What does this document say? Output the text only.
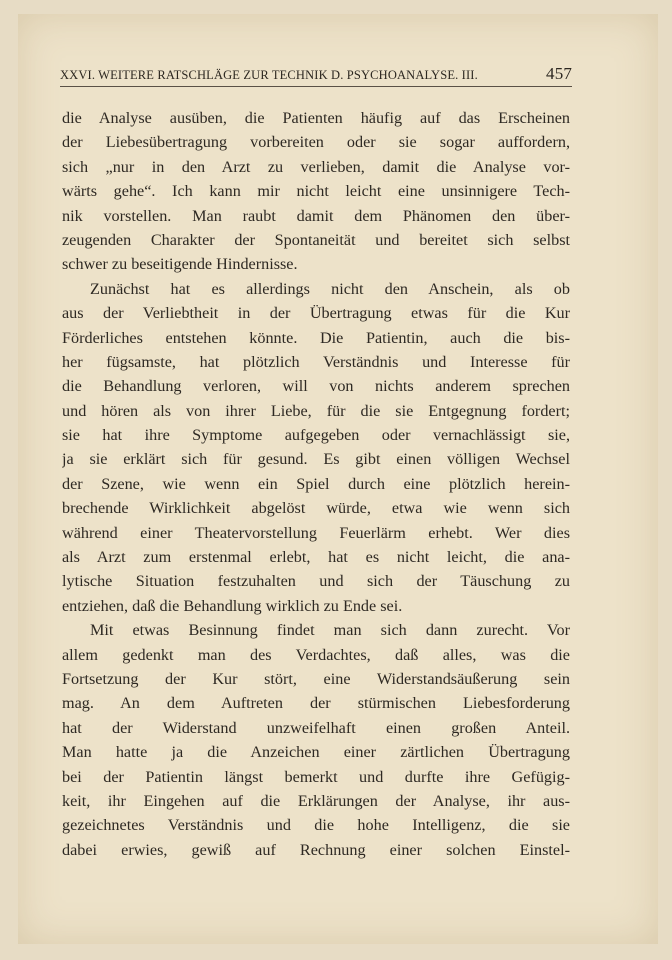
XXVI. WEITERE RATSCHLÄGE ZUR TECHNIK D. PSYCHOANALYSE. III.	457
die Analyse ausüben, die Patienten häufig auf das Erscheinen
der Liebesübertragung vorbereiten oder sie sogar auffordern,
sich „nur in den Arzt zu verlieben, damit die Analyse vor-
wärts gehe“. Ich kann mir nicht leicht eine unsinnigere Tech-
nik vorstellen. Man raubt damit dem Phänomen den über-
zeugenden Charakter der Spontaneität und bereitet sich selbst
schwer zu beseitigende Hindernisse.
Zunächst hat es allerdings nicht den Anschein, als ob
aus der Verliebtheit in der Übertragung etwas für die Kur
Förderliches entstehen könnte. Die Patientin, auch die bis-
her fügsamste, hat plötzlich Verständnis und Interesse für
die Behandlung verloren, will von nichts anderem sprechen
und hören als von ihrer Liebe, für die sie Entgegnung fordert;
sie hat ihre Symptome aufgegeben oder vernachlässigt sie,
ja sie erklärt sich für gesund. Es gibt einen völligen Wechsel
der Szene, wie wenn ein Spiel durch eine plötzlich herein-
brechende Wirklichkeit abgelöst würde, etwa wie wenn sich
während einer Theatervorstellung Feuerlärm erhebt. Wer dies
als Arzt zum erstenmal erlebt, hat es nicht leicht, die ana-
lytische Situation festzuhalten und sich der Täuschung zu
entziehen, daß die Behandlung wirklich zu Ende sei.
Mit etwas Besinnung findet man sich dann zurecht. Vor
allem gedenkt man des Verdachtes, daß alles, was die
Fortsetzung der Kur stört, eine Widerstandsäußerung sein
mag. An dem Auftreten der stürmischen Liebesforderung
hat der Widerstand unzweifelhaft einen großen Anteil.
Man hatte ja die Anzeichen einer zärtlichen Übertragung
bei der Patientin längst bemerkt und durfte ihre Gefügig-
keit, ihr Eingehen auf die Erklärungen der Analyse, ihr aus-
gezeichnetes Verständnis und die hohe Intelligenz, die sie
dabei erwies, gewiß auf Rechnung einer solchen Einstel-
